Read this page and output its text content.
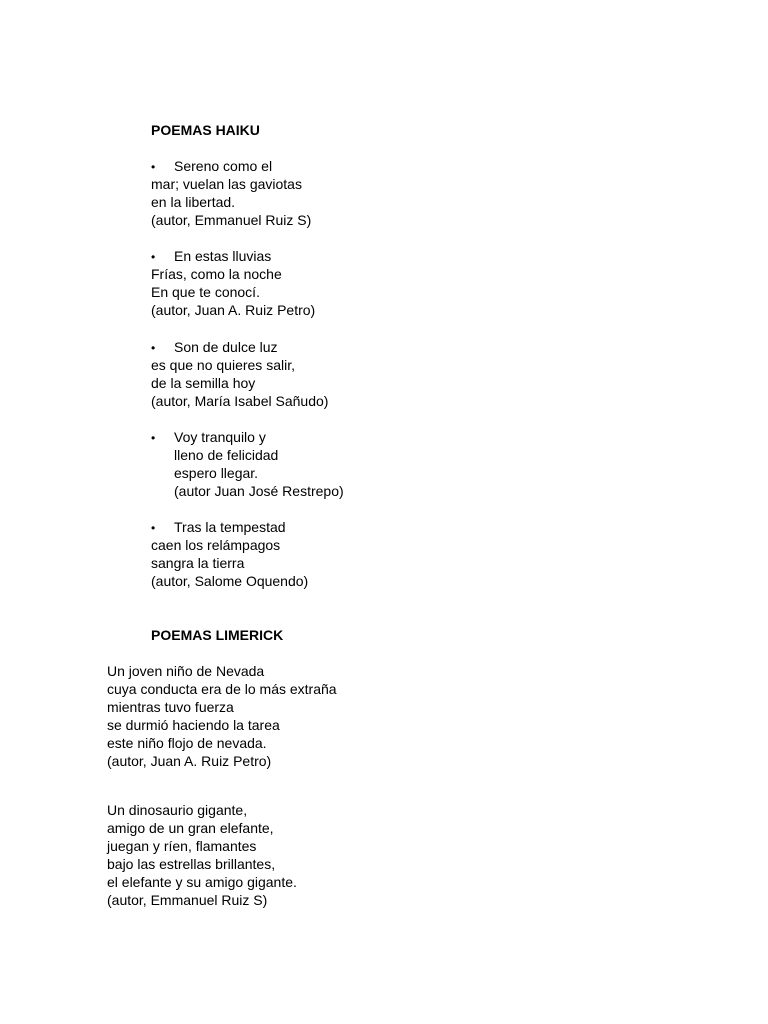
POEMAS HAIKU
• Sereno como el
mar; vuelan las gaviotas
en la libertad.
(autor, Emmanuel Ruiz S)
• En estas lluvias
Frías, como la noche
En que te conocí.
(autor, Juan A. Ruiz Petro)
• Son de dulce luz
es que no quieres salir,
de la semilla hoy
(autor, María Isabel Sañudo)
• Voy tranquilo y
lleno de felicidad
espero llegar.
(autor Juan José Restrepo)
• Tras la tempestad
caen los relámpagos
sangra la tierra
(autor, Salome Oquendo)
POEMAS LIMERICK
Un joven niño de Nevada
cuya conducta era de lo más extraña
mientras tuvo fuerza
se durmió haciendo la tarea
este niño flojo de nevada.
(autor, Juan A. Ruiz Petro)
Un dinosaurio gigante,
amigo de un gran elefante,
juegan y ríen, flamantes
bajo las estrellas brillantes,
el elefante y su amigo gigante.
(autor, Emmanuel Ruiz S)
